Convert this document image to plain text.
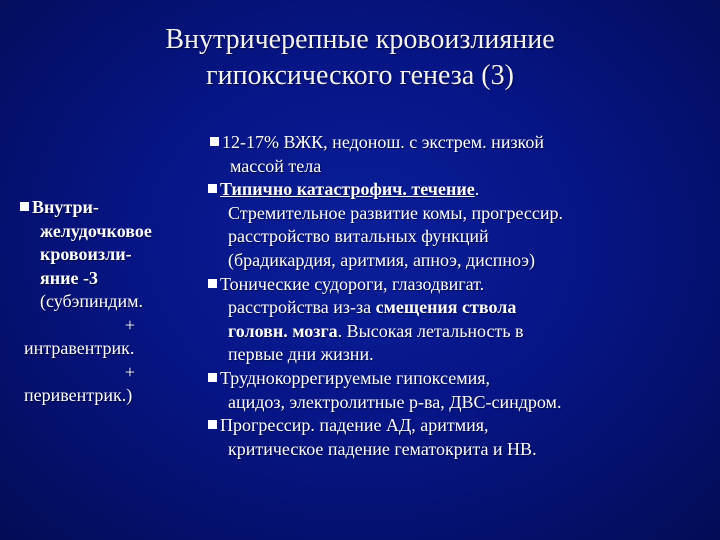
Внутричерепные кровоизлияние
гипоксического генеза (3)
Внутри-
желудочковое
кровоизли-
яние -3
(субэпиндим.
+
интравентрик.
+
перивентрик.)
12-17% ВЖК, недонош. с экстрем. низкой
массой тела
Типично катастрофич. течение.
Стремительное развитие комы, прогрессир.
расстройство витальных функций
(брадикардия, аритмия, апноэ, диспноэ)
Тонические судороги, глазодвигат.
расстройства из-за смещения ствола
головн. мозга. Высокая летальность в
первые дни жизни.
Труднокоррегируемые гипоксемия,
ацидоз, электролитные р-ва, ДВС-синдром.
Прогрессир. падение АД, аритмия,
критическое падение гематокрита и НВ.
